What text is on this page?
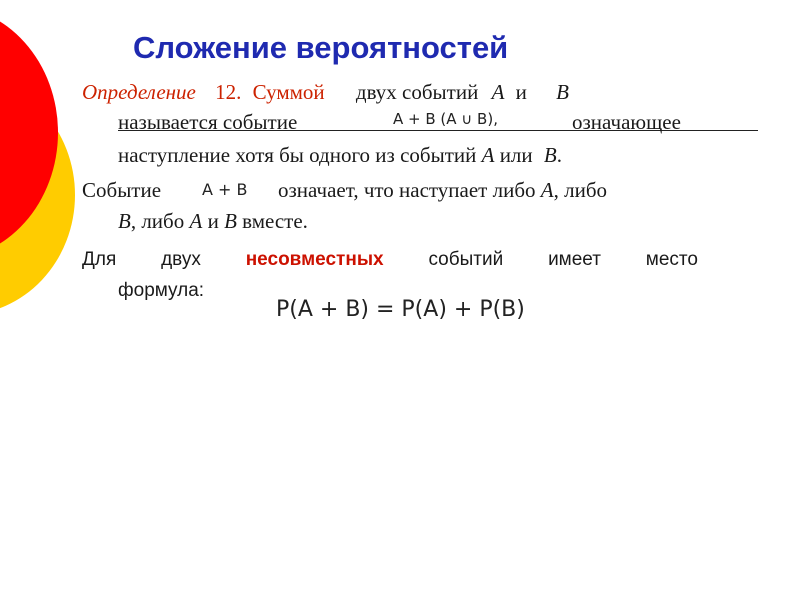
Сложение вероятностей
Определение 12. Суммой двух событий A и B
называется событие	A + B (A ∪ B),	означающее
наступление хотя бы одного из событий A или B.
Событие	A + B означает, что наступает либо A, либо
B, либо A и B вместе.
Для двух несовместных событий имеет место
формула:
P(A + B) = P(A) + P(B)
